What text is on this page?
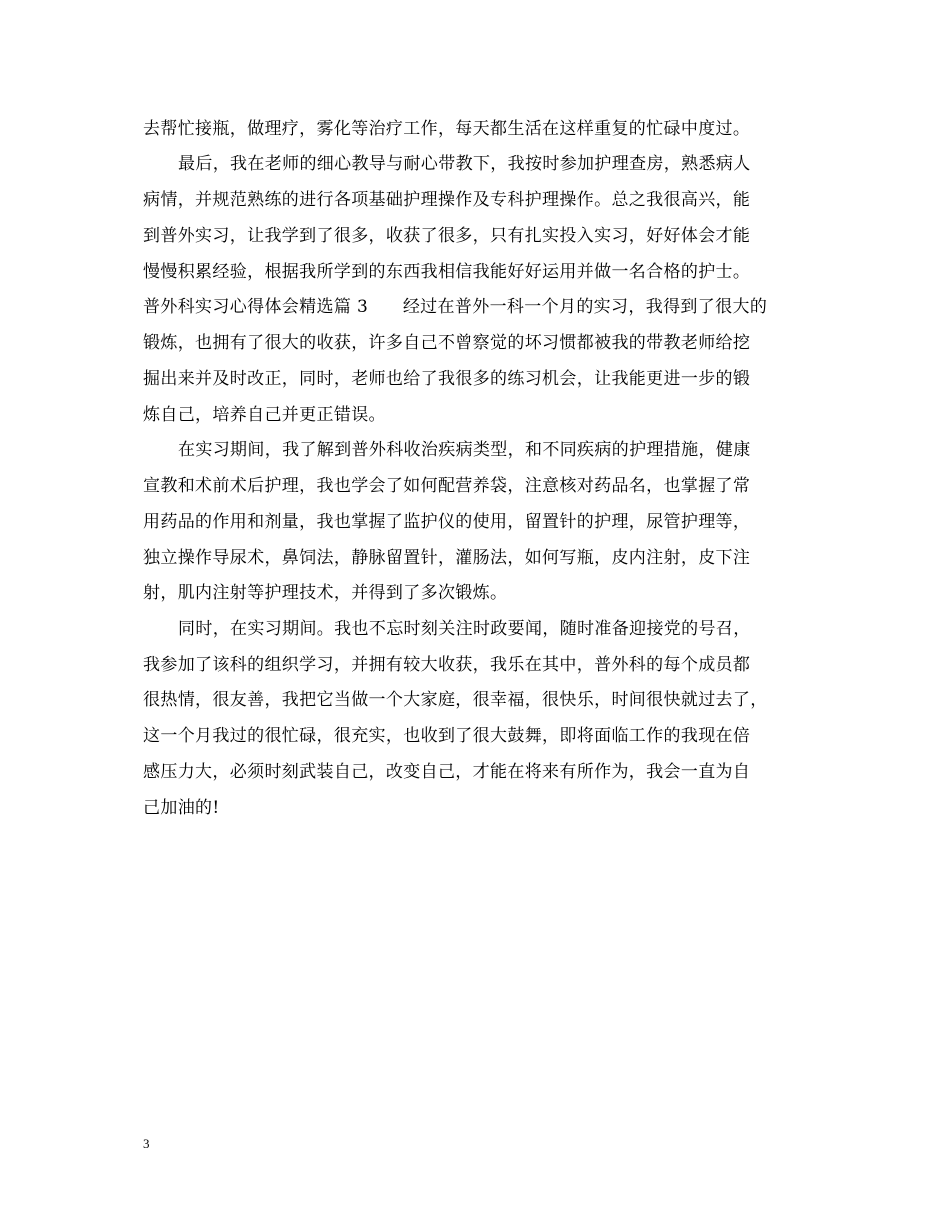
去帮忙接瓶，做理疗，雾化等治疗工作，每天都生活在这样重复的忙碌中度过。
最后，我在老师的细心教导与耐心带教下，我按时参加护理查房，熟悉病人
病情，并规范熟练的进行各项基础护理操作及专科护理操作。总之我很高兴，能
到普外实习，让我学到了很多，收获了很多，只有扎实投入实习，好好体会才能
慢慢积累经验，根据我所学到的东西我相信我能好好运用并做一名合格的护士。
普外科实习心得体会精选篇 3　　经过在普外一科一个月的实习，我得到了很大的
锻炼，也拥有了很大的收获，许多自己不曾察觉的坏习惯都被我的带教老师给挖
掘出来并及时改正，同时，老师也给了我很多的练习机会，让我能更进一步的锻
炼自己，培养自己并更正错误。
在实习期间，我了解到普外科收治疾病类型，和不同疾病的护理措施，健康
宣教和术前术后护理，我也学会了如何配营养袋，注意核对药品名，也掌握了常
用药品的作用和剂量，我也掌握了监护仪的使用，留置针的护理，尿管护理等，
独立操作导尿术，鼻饲法，静脉留置针，灌肠法，如何写瓶，皮内注射，皮下注
射，肌内注射等护理技术，并得到了多次锻炼。
同时，在实习期间。我也不忘时刻关注时政要闻，随时准备迎接党的号召，
我参加了该科的组织学习，并拥有较大收获，我乐在其中，普外科的每个成员都
很热情，很友善，我把它当做一个大家庭，很幸福，很快乐，时间很快就过去了，
这一个月我过的很忙碌，很充实，也收到了很大鼓舞，即将面临工作的我现在倍
感压力大，必须时刻武装自己，改变自己，才能在将来有所作为，我会一直为自
己加油的!
3
